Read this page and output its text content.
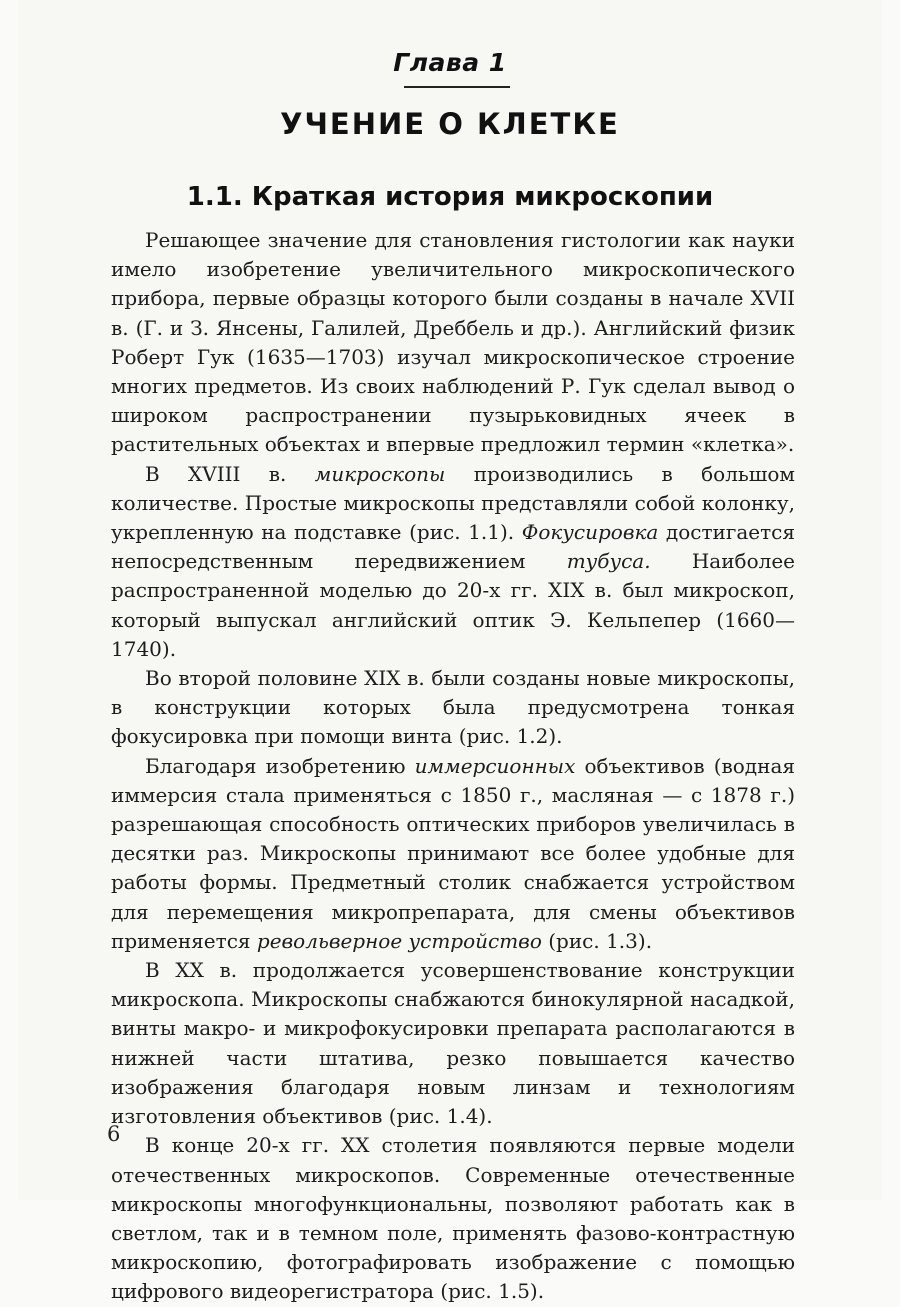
Глава 1
УЧЕНИЕ О КЛЕТКЕ
1.1. Краткая история микроскопии

Решающее значение для становления гистологии как науки имело изобретение увеличительного микроскопического прибора, первые образцы которого были созданы в начале XVII в. (Г. и З. Янсены, Галилей, Дреббель и др.). Английский физик Роберт Гук (1635—1703) изучал микроскопическое строение многих предметов. Из своих наблюдений Р. Гук сделал вывод о широком распространении пузырьковидных ячеек в растительных объектах и впервые предложил термин «клетка».

В XVIII в. микроскопы производились в большом количестве. Простые микроскопы представляли собой колонку, укрепленную на подставке (рис. 1.1). Фокусировка достигается непосредственным передвижением тубуса. Наиболее распространенной моделью до 20-х гг. XIX в. был микроскоп, который выпускал английский оптик Э. Кельпепер (1660—1740).

Во второй половине XIX в. были созданы новые микроскопы, в конструкции которых была предусмотрена тонкая фокусировка при помощи винта (рис. 1.2).

Благодаря изобретению иммерсионных объективов (водная иммерсия стала применяться с 1850 г., масляная — с 1878 г.) разрешающая способность оптических приборов увеличилась в десятки раз. Микроскопы принимают все более удобные для работы формы. Предметный столик снабжается устройством для перемещения микропрепарата, для смены объективов применяется револьверное устройство (рис. 1.3).

В XX в. продолжается усовершенствование конструкции микроскопа. Микроскопы снабжаются бинокулярной насадкой, винты макро- и микрофокусировки препарата располагаются в нижней части штатива, резко повышается качество изображения благодаря новым линзам и технологиям изготовления объективов (рис. 1.4).

В конце 20-х гг. XX столетия появляются первые модели отечественных микроскопов. Современные отечественные микроскопы многофункциональны, позволяют работать как в светлом, так и в темном поле, применять фазово-контрастную микроскопию, фотографировать изображение с помощью цифрового видеорегистратора (рис. 1.5).

6
